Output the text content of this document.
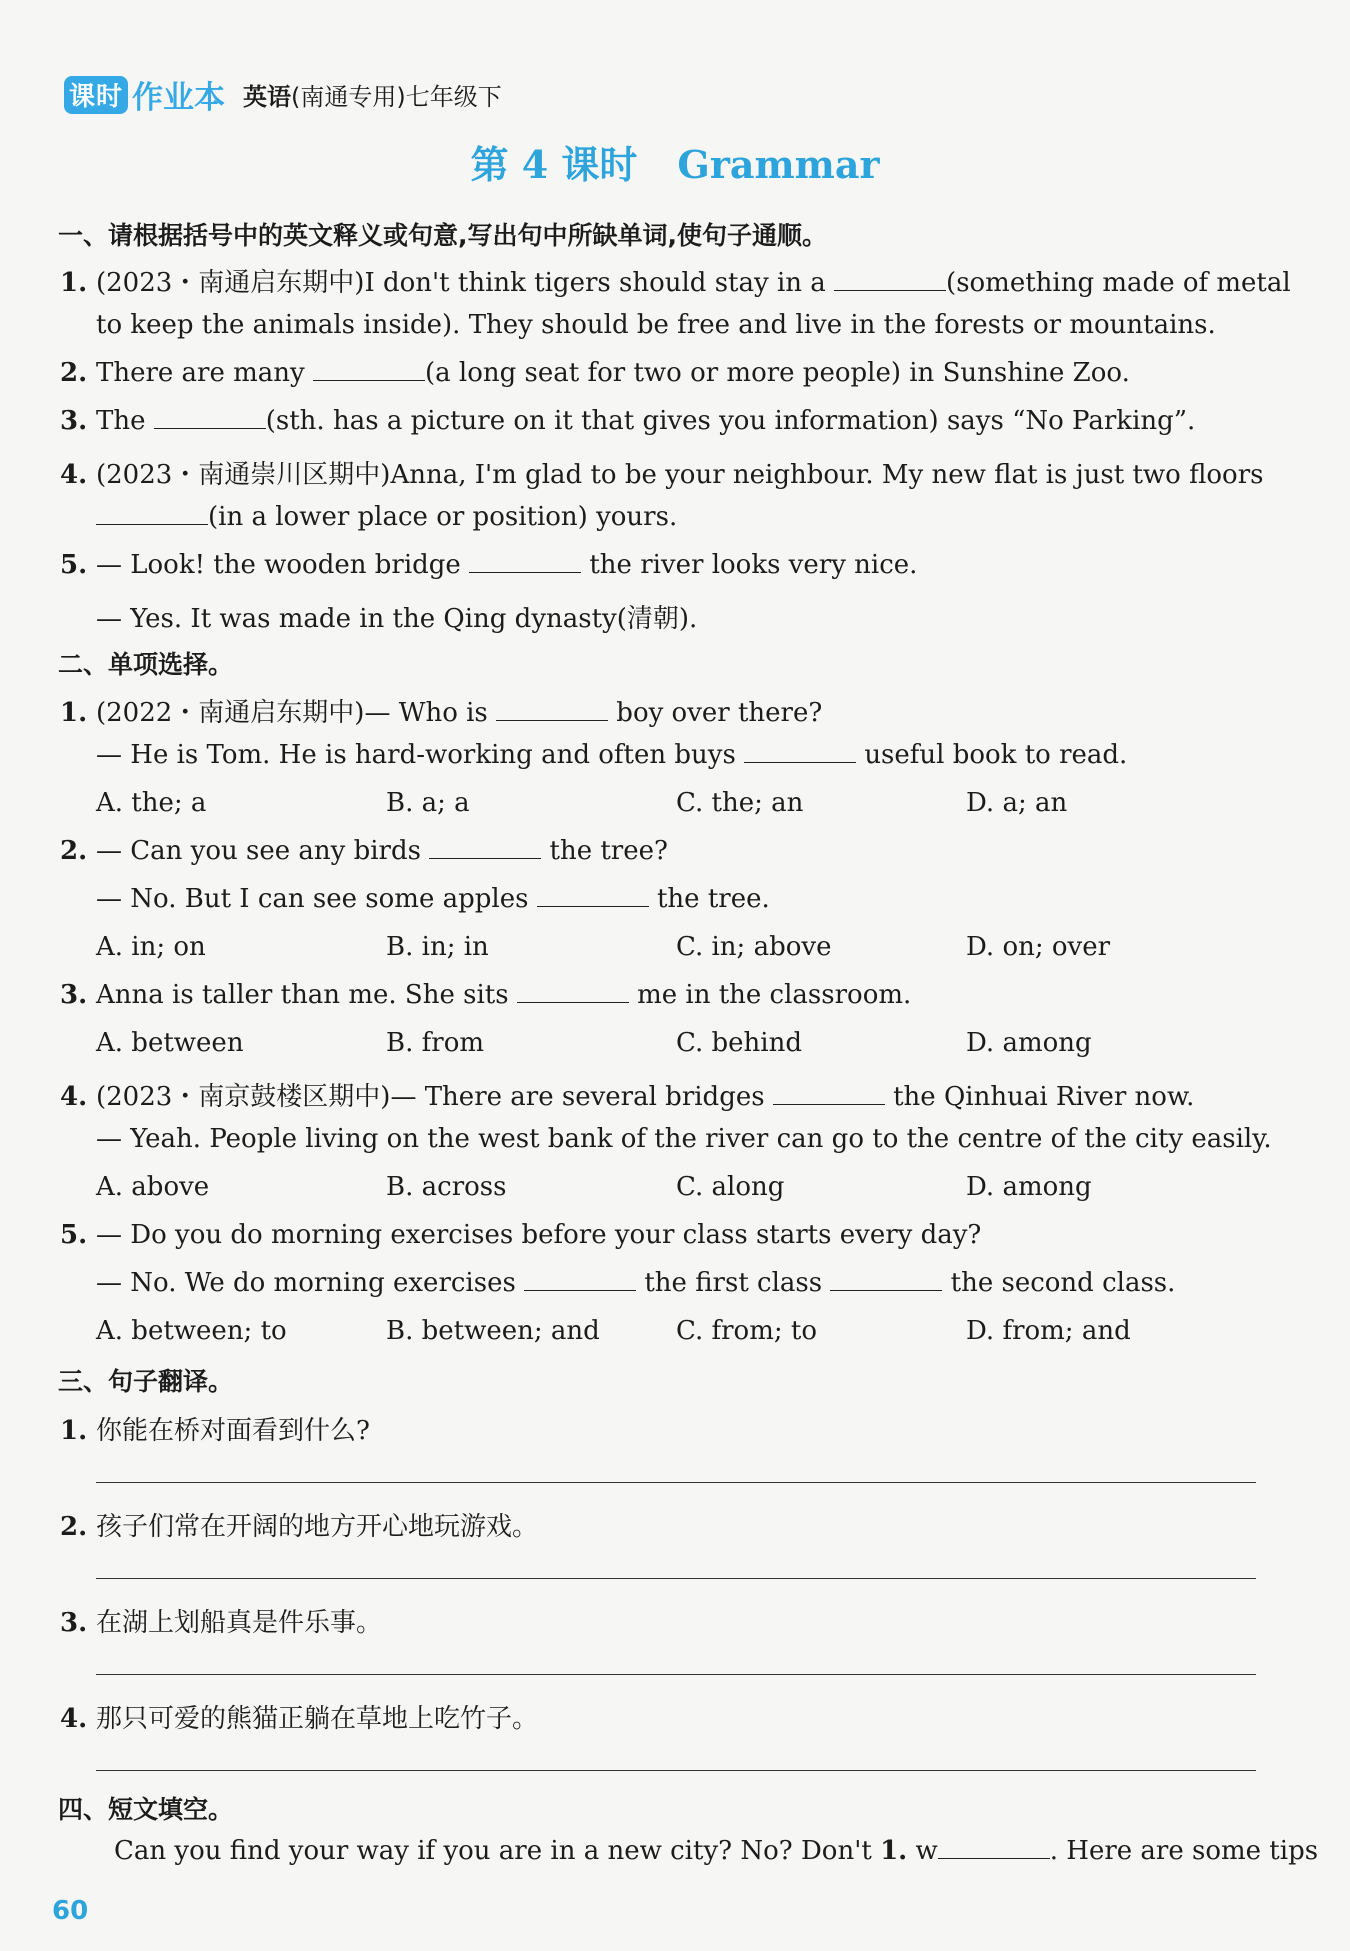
课时 作业本 英语(南通专用)七年级下
第 4 课时 Grammar
一、请根据括号中的英文释义或句意,写出句中所缺单词,使句子通顺。
1. (2023・南通启东期中)I don't think tigers should stay in a	(something made of metal
to keep the animals inside). They should be free and live in the forests or mountains.
2. There are many	(a long seat for two or more people) in Sunshine Zoo.
3. The	(sth. has a picture on it that gives you information) says “No Parking”.
4. (2023・南通崇川区期中)Anna, I'm glad to be your neighbour. My new flat is just two floors
(in a lower place or position) yours.
5. — Look! the wooden bridge	the river looks very nice.
— Yes. It was made in the Qing dynasty(清朝).
二、单项选择。
1. (2022・南通启东期中)— Who is	boy over there?
— He is Tom. He is hard-working and often buys	useful book to read.
A. the; a	B. a; a	C. the; an	D. a; an
2. — Can you see any birds	the tree?
— No. But I can see some apples	the tree.
A. in; on	B. in; in	C. in; above	D. on; over
3. Anna is taller than me. She sits	me in the classroom.
A. between	B. from	C. behind	D. among
4. (2023・南京鼓楼区期中)— There are several bridges	the Qinhuai River now.
— Yeah. People living on the west bank of the river can go to the centre of the city easily.
A. above	B. across	C. along	D. among
5. — Do you do morning exercises before your class starts every day?
— No. We do morning exercises	the first class	the second class.
A. between; to	B. between; and	C. from; to	D. from; and
三、句子翻译。
1. 你能在桥对面看到什么?
2. 孩子们常在开阔的地方开心地玩游戏。
3. 在湖上划船真是件乐事。
4. 那只可爱的熊猫正躺在草地上吃竹子。
四、短文填空。
Can you find your way if you are in a new city? No? Don't 1. w	. Here are some tips
60
